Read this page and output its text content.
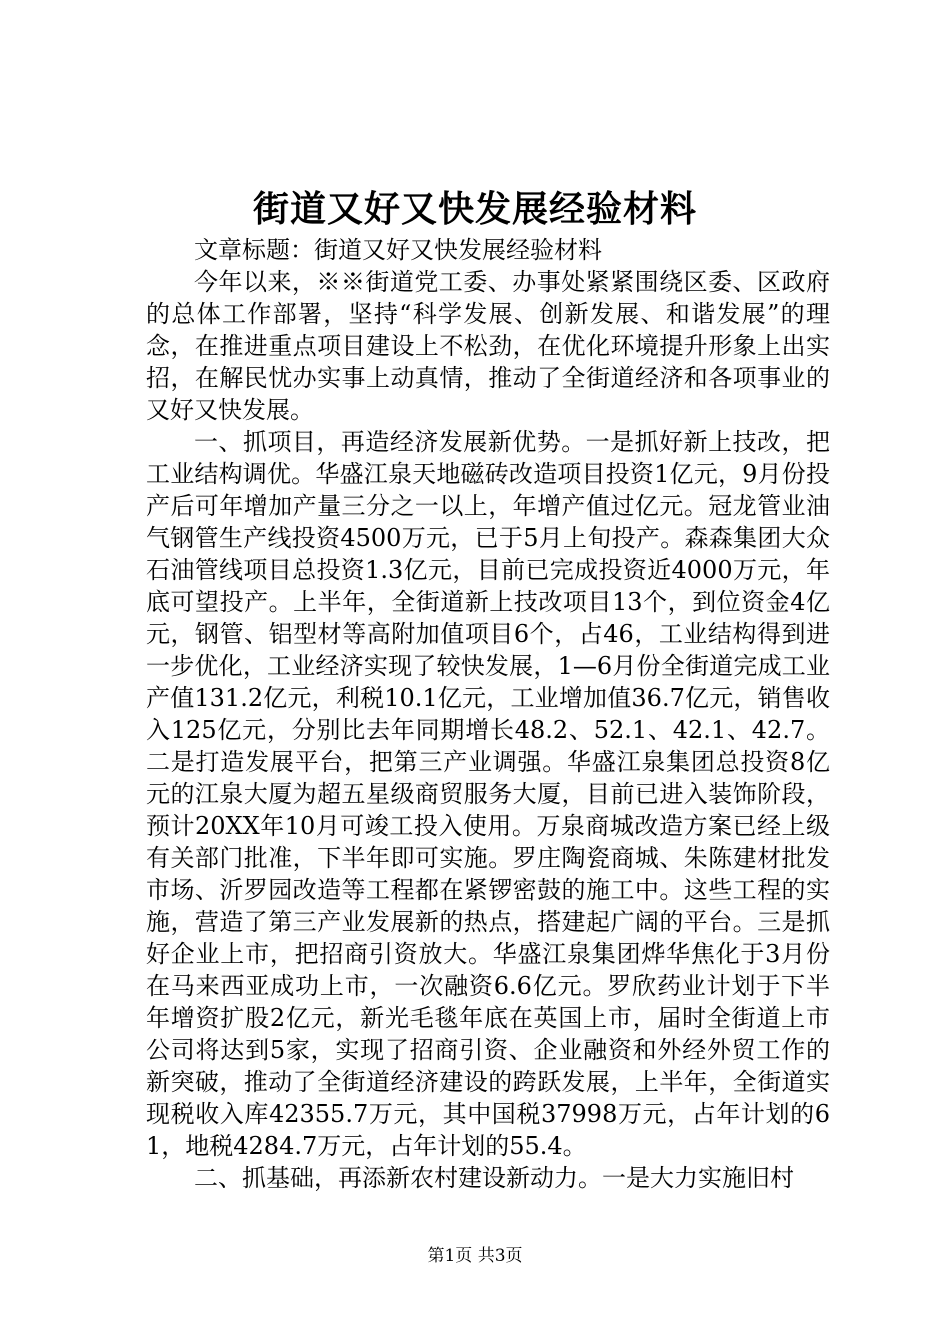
街道又好又快发展经验材料

文章标题：街道又好又快发展经验材料

今年以来，※※街道党工委、办事处紧紧围绕区委、区政府的总体工作部署，坚持“科学发展、创新发展、和谐发展”的理念，在推进重点项目建设上不松劲，在优化环境提升形象上出实招，在解民忧办实事上动真情，推动了全街道经济和各项事业的又好又快发展。

一、抓项目，再造经济发展新优势。一是抓好新上技改，把工业结构调优。华盛江泉天地磁砖改造项目投资1亿元，9月份投产后可年增加产量三分之一以上，年增产值过亿元。冠龙管业油气钢管生产线投资4500万元，已于5月上旬投产。森森集团大众石油管线项目总投资1.3亿元，目前已完成投资近4000万元，年底可望投产。上半年，全街道新上技改项目13个，到位资金4亿元，钢管、铝型材等高附加值项目6个，占46，工业结构得到进一步优化，工业经济实现了较快发展，1—6月份全街道完成工业产值131.2亿元，利税10.1亿元，工业增加值36.7亿元，销售收入125亿元，分别比去年同期增长48.2、52.1、42.1、42.7。二是打造发展平台，把第三产业调强。华盛江泉集团总投资8亿元的江泉大厦为超五星级商贸服务大厦，目前已进入装饰阶段，预计20XX年10月可竣工投入使用。万泉商城改造方案已经上级有关部门批准，下半年即可实施。罗庄陶瓷商城、朱陈建材批发市场、沂罗园改造等工程都在紧锣密鼓的施工中。这些工程的实施，营造了第三产业发展新的热点，搭建起广阔的平台。三是抓好企业上市，把招商引资放大。华盛江泉集团烨华焦化于3月份在马来西亚成功上市，一次融资6.6亿元。罗欣药业计划于下半年增资扩股2亿元，新光毛毯年底在英国上市，届时全街道上市公司将达到5家，实现了招商引资、企业融资和外经外贸工作的新突破，推动了全街道经济建设的跨跃发展，上半年，全街道实现税收入库42355.7万元，其中国税37998万元，占年计划的61，地税4284.7万元，占年计划的55.4。

二、抓基础，再添新农村建设新动力。一是大力实施旧村

第1页 共3页
